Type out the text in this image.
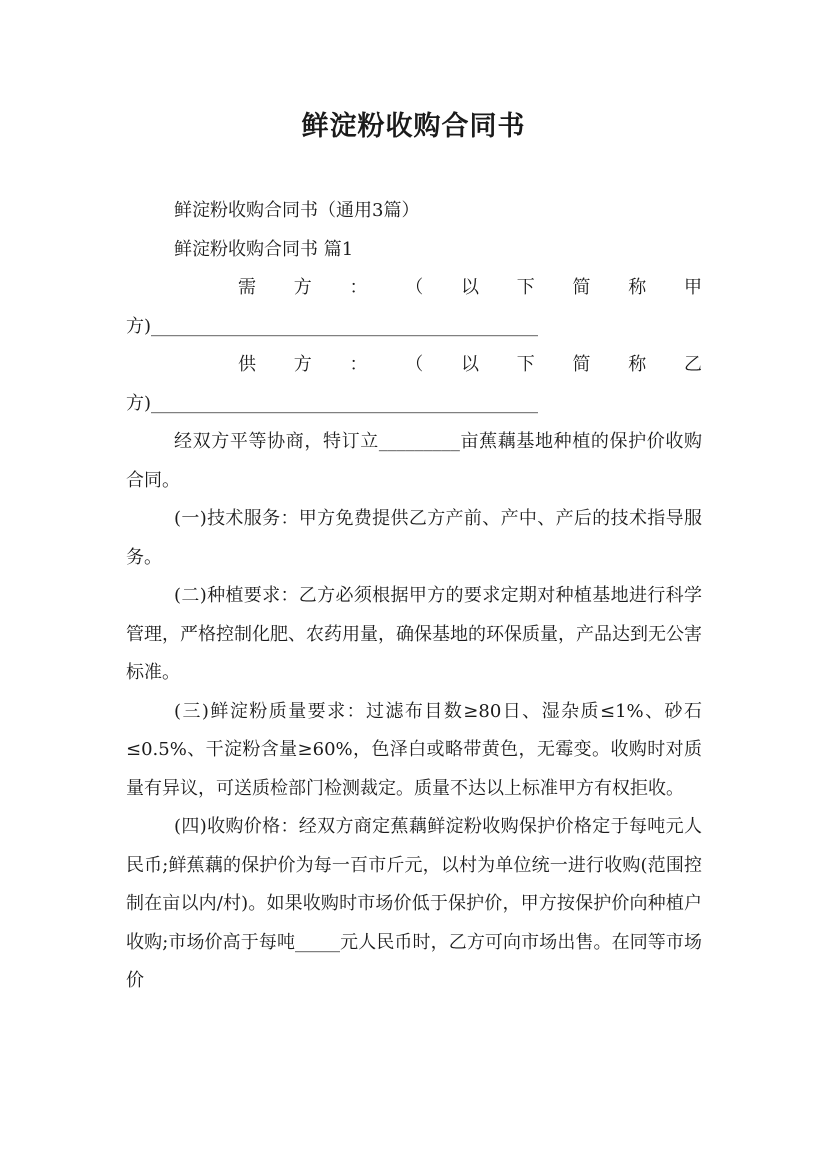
鲜淀粉收购合同书

鲜淀粉收购合同书（通用3篇）

鲜淀粉收购合同书 篇1

需 方 ： （ 以 下 简 称 甲

方)___________________________________________

供 方 ： （ 以 下 简 称 乙

方)___________________________________________

经双方平等协商，特订立_________亩蕉藕基地种植的保护价收购合同。

(一)技术服务：甲方免费提供乙方产前、产中、产后的技术指导服务。

(二)种植要求：乙方必须根据甲方的要求定期对种植基地进行科学管理，严格控制化肥、农药用量，确保基地的环保质量，产品达到无公害标准。

(三)鲜淀粉质量要求：过滤布目数≥80日、湿杂质≤1%、砂石≤0.5%、干淀粉含量≥60%，色泽白或略带黄色，无霉变。收购时对质量有异议，可送质检部门检测裁定。质量不达以上标准甲方有权拒收。

(四)收购价格：经双方商定蕉藕鲜淀粉收购保护价格定于每吨元人民币;鲜蕉藕的保护价为每一百市斤元，以村为单位统一进行收购(范围控制在亩以内/村)。如果收购时市场价低于保护价，甲方按保护价向种植户收购;市场价高于每吨_____元人民币时，乙方可向市场出售。在同等市场价
